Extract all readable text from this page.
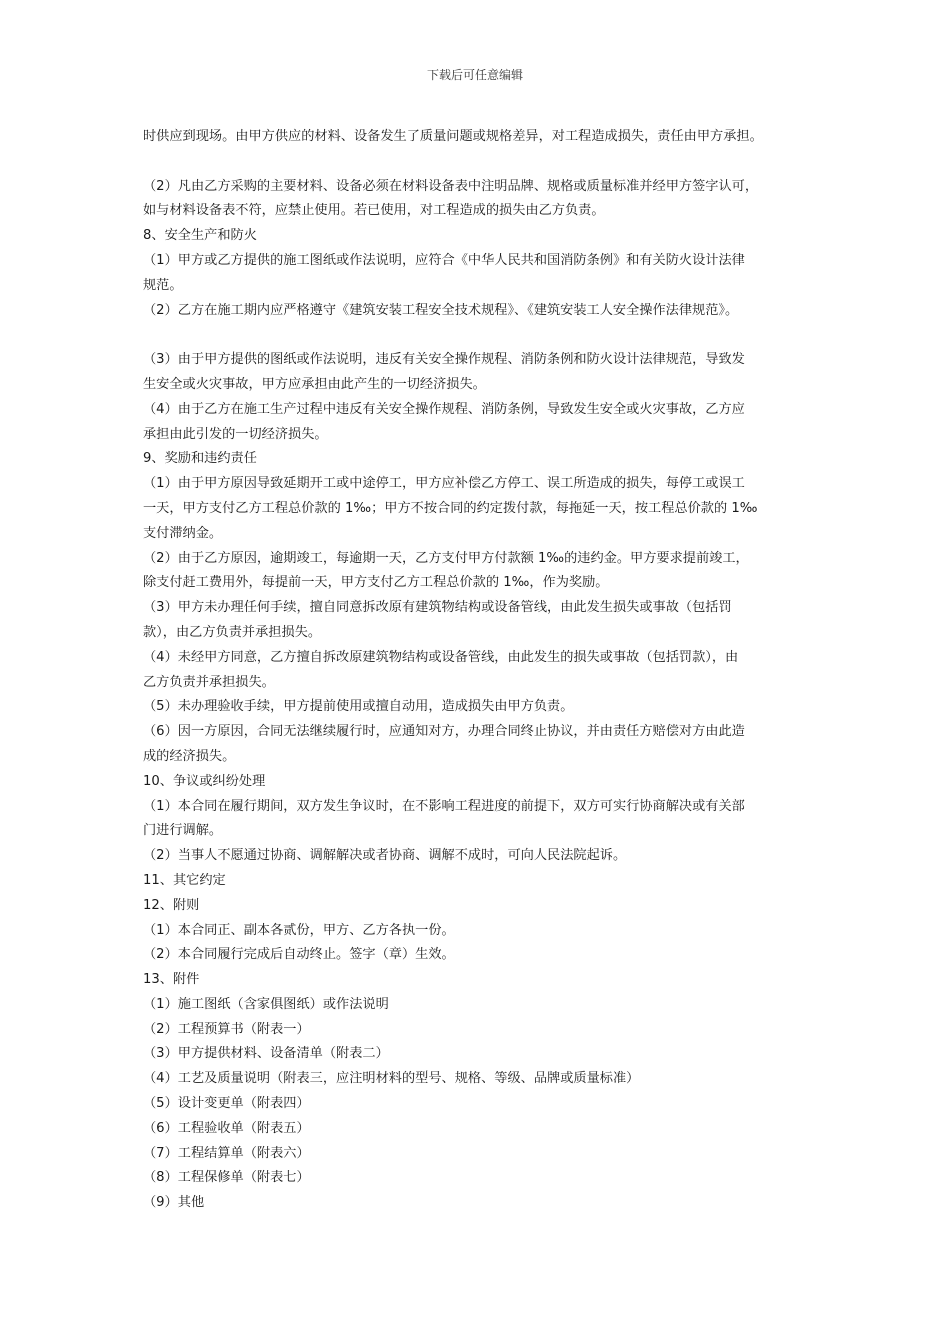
下载后可任意编辑
时供应到现场。由甲方供应的材料、设备发生了质量问题或规格差异，对工程造成损失，责任由甲方承担。
（2）凡由乙方采购的主要材料、设备必须在材料设备表中注明品牌、规格或质量标准并经甲方签字认可，
如与材料设备表不符，应禁止使用。若已使用，对工程造成的损失由乙方负责。
8、安全生产和防火
（1）甲方或乙方提供的施工图纸或作法说明，应符合《中华人民共和国消防条例》和有关防火设计法律
规范。
（2）乙方在施工期内应严格遵守《建筑安装工程安全技术规程》、《建筑安装工人安全操作法律规范》。
（3）由于甲方提供的图纸或作法说明，违反有关安全操作规程、消防条例和防火设计法律规范，导致发
生安全或火灾事故，甲方应承担由此产生的一切经济损失。
（4）由于乙方在施工生产过程中违反有关安全操作规程、消防条例，导致发生安全或火灾事故，乙方应
承担由此引发的一切经济损失。
9、奖励和违约责任
（1）由于甲方原因导致延期开工或中途停工，甲方应补偿乙方停工、误工所造成的损失，每停工或误工
一天，甲方支付乙方工程总价款的 1‰；甲方不按合同的约定拨付款，每拖延一天，按工程总价款的 1‰
支付滞纳金。
（2）由于乙方原因，逾期竣工，每逾期一天，乙方支付甲方付款额 1‰的违约金。甲方要求提前竣工，
除支付赶工费用外，每提前一天，甲方支付乙方工程总价款的 1‰，作为奖励。
（3）甲方未办理任何手续，擅自同意拆改原有建筑物结构或设备管线，由此发生损失或事故（包括罚
款），由乙方负责并承担损失。
（4）未经甲方同意，乙方擅自拆改原建筑物结构或设备管线，由此发生的损失或事故（包括罚款），由
乙方负责并承担损失。
（5）未办理验收手续，甲方提前使用或擅自动用，造成损失由甲方负责。
（6）因一方原因，合同无法继续履行时，应通知对方，办理合同终止协议，并由责任方赔偿对方由此造
成的经济损失。
10、争议或纠纷处理
（1）本合同在履行期间，双方发生争议时，在不影响工程进度的前提下，双方可实行协商解决或有关部
门进行调解。
（2）当事人不愿通过协商、调解解决或者协商、调解不成时，可向人民法院起诉。
11、其它约定
12、附则
（1）本合同正、副本各贰份，甲方、乙方各执一份。
（2）本合同履行完成后自动终止。签字（章）生效。
13、附件
（1）施工图纸（含家俱图纸）或作法说明
（2）工程预算书（附表一）
（3）甲方提供材料、设备清单（附表二）
（4）工艺及质量说明（附表三，应注明材料的型号、规格、等级、品牌或质量标准）
（5）设计变更单（附表四）
（6）工程验收单（附表五）
（7）工程结算单（附表六）
（8）工程保修单（附表七）
（9）其他
